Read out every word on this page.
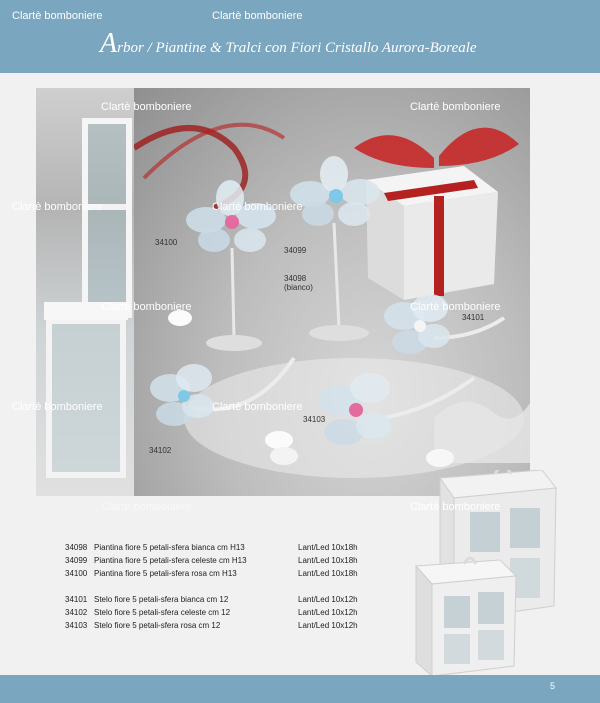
Clartè bomboniere	Clartè bomboniere
Arbor / Piantine & Tralci con Fiori Cristallo Aurora-Boreale
34100
34099
34098
(bianco)
34101
34103
34102
Clartè bomboniere	Clartè bomboniere
Clartè bomboniere	Clartè bomboniere
Clartè bomboniere	Clartè bomboniere
Clartè bomboniere	Clartè bomboniere
Clartè bomboniere	Clartè bomboniere
34098 Piantina fiore 5 petali-sfera bianca cm H13	Lant/Led 10x18h
34099 Piantina fiore 5 petali-sfera celeste cm H13	Lant/Led 10x18h
34100 Piantina fiore 5 petali-sfera rosa cm H13	Lant/Led 10x18h
34101 Stelo fiore 5 petali-sfera bianca cm 12	Lant/Led 10x12h
34102 Stelo fiore 5 petali-sfera celeste cm 12	Lant/Led 10x12h
34103 Stelo fiore 5 petali-sfera rosa cm 12	Lant/Led 10x12h
5
